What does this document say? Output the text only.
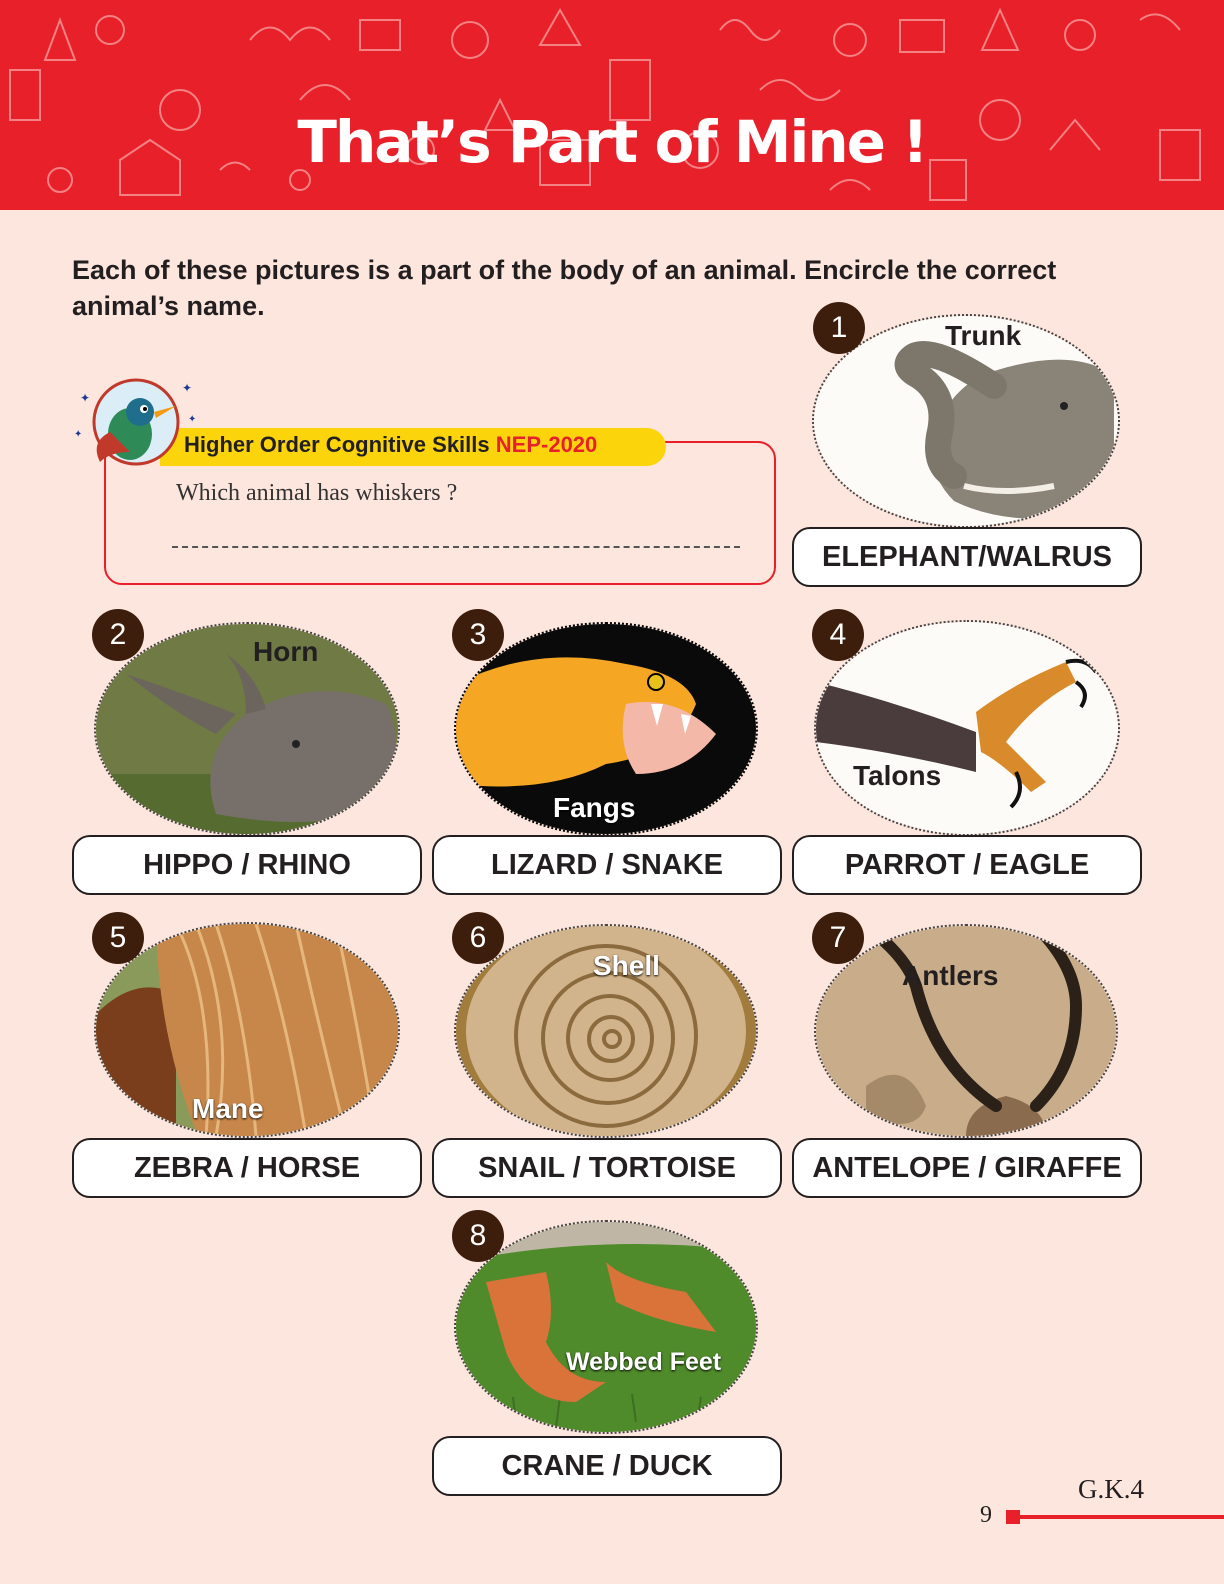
That’s Part of Mine !
Each of these pictures is a part of the body of an animal. Encircle the correct animal’s name.
Higher Order Cognitive Skills NEP-2020
✦
✦
✦
✦
Which animal has whiskers ?
1	Trunk
ELEPHANT/WALRUS
2
Horn
HIPPO / RHINO
3
Fangs
LIZARD / SNAKE
4
Talons
PARROT / EAGLE
5
Mane
ZEBRA / HORSE
6
Shell
SNAIL / TORTOISE
7
Antlers
ANTELOPE / GIRAFFE
8
Webbed Feet
CRANE / DUCK
G.K.4
9
